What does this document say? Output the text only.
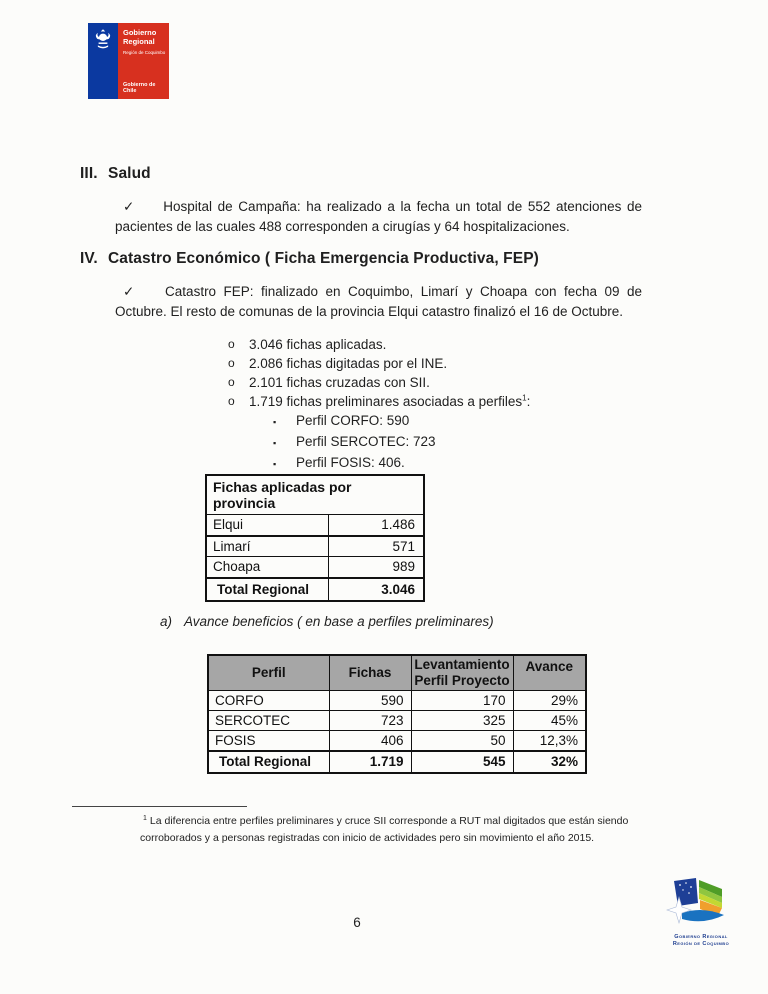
Gobierno
Regional
Región de Coquimbo
Gobierno de Chile
III. Salud

✓ Hospital de Campaña: ha realizado a la fecha un total de 552 atenciones de pacientes de las cuales 488 corresponden a cirugías y 64 hospitalizaciones.

IV. Catastro Económico ( Ficha Emergencia Productiva, FEP)

✓ Catastro FEP: finalizado en Coquimbo, Limarí y Choapa con fecha 09 de Octubre. El resto de comunas de la provincia Elqui catastro finalizó el 16 de Octubre.

o	3.046 fichas aplicadas.
o	2.086 fichas digitadas por el INE.
o	2.101 fichas cruzadas con SII.
o	1.719 fichas preliminares asociadas a perfiles$^1$:
▪	Perfil CORFO: 590
▪	Perfil SERCOTEC: 723
▪	Perfil FOSIS: 406.
Fichas aplicadas por provincia	
Elqui	1.486
Limarí	571
Choapa	989
Total Regional	3.046
a) Avance beneficios ( en base a perfiles preliminares)
Perfil	Fichas	Levantamiento Perfil Proyecto	Avance
CORFO	590	170	29%
SERCOTEC	723	325	45%
FOSIS	406	50	12,3%
Total Regional	1.719	545	32%
$^1$ La diferencia entre perfiles preliminares y cruce SII corresponde a RUT mal digitados que están siendo corroborados y a personas registradas con inicio de actividades pero sin movimiento el año 2015.
Gobierno Regional
Región de Coquimbo
6
